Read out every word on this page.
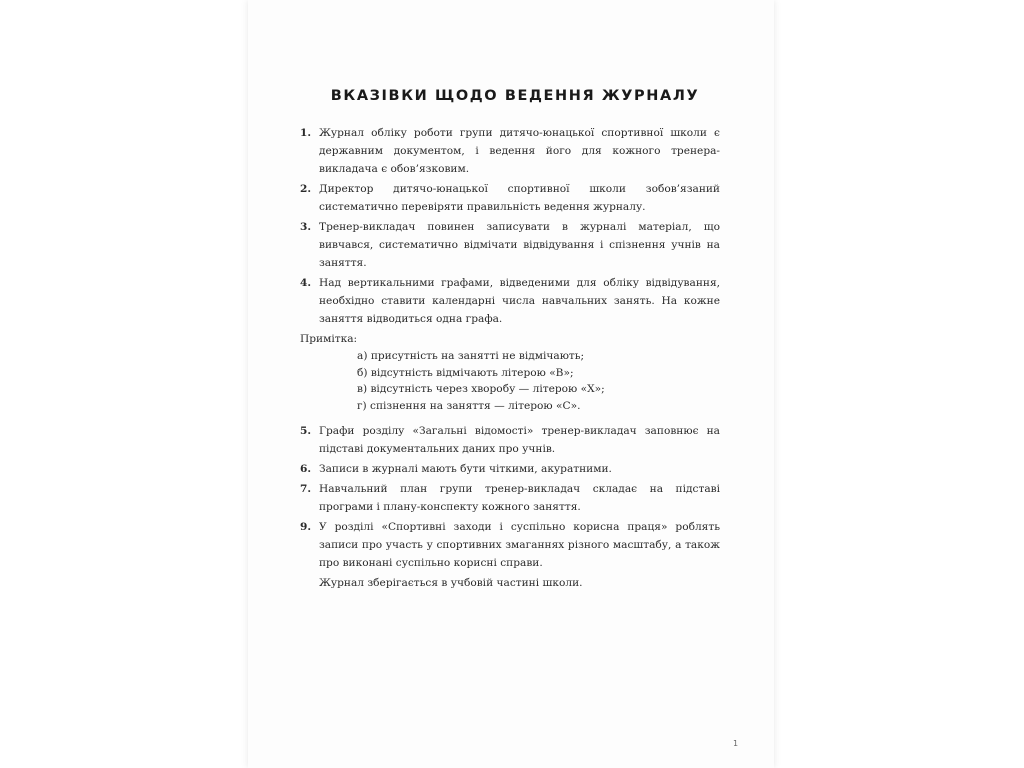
ВКАЗІВКИ ЩОДО ВЕДЕННЯ ЖУРНАЛУ
1. Журнал обліку роботи групи дитячо-юнацької спортивної школи є державним документом, і ведення його для кожного тренера-викладача є обов’язковим.
2. Директор дитячо-юнацької спортивної школи зобов’язаний систематично перевіряти правильність ведення журналу.
3. Тренер-викладач повинен записувати в журналі матеріал, що вивчався, систематично відмічати відвідування і спізнення учнів на заняття.
4. Над вертикальними графами, відведеними для обліку відвідування, необхідно ставити календарні числа навчальних занять. На кожне заняття відводиться одна графа.
Примітка:
а) присутність на занятті не відмічають;
б) відсутність відмічають літерою «В»;
в) відсутність через хворобу — літерою «Х»;
г) спізнення на заняття — літерою «С».
5. Графи розділу «Загальні відомості» тренер-викладач заповнює на підставі документальних даних про учнів.
6. Записи в журналі мають бути чіткими, акуратними.
7. Навчальний план групи тренер-викладач складає на підставі програми і плану-конспекту кожного заняття.
9. У розділі «Спортивні заходи і суспільно корисна праця» роблять записи про участь у спортивних змаганнях різного масштабу, а також про виконані суспільно корисні справи.
Журнал зберігається в учбовій частині школи.
1
